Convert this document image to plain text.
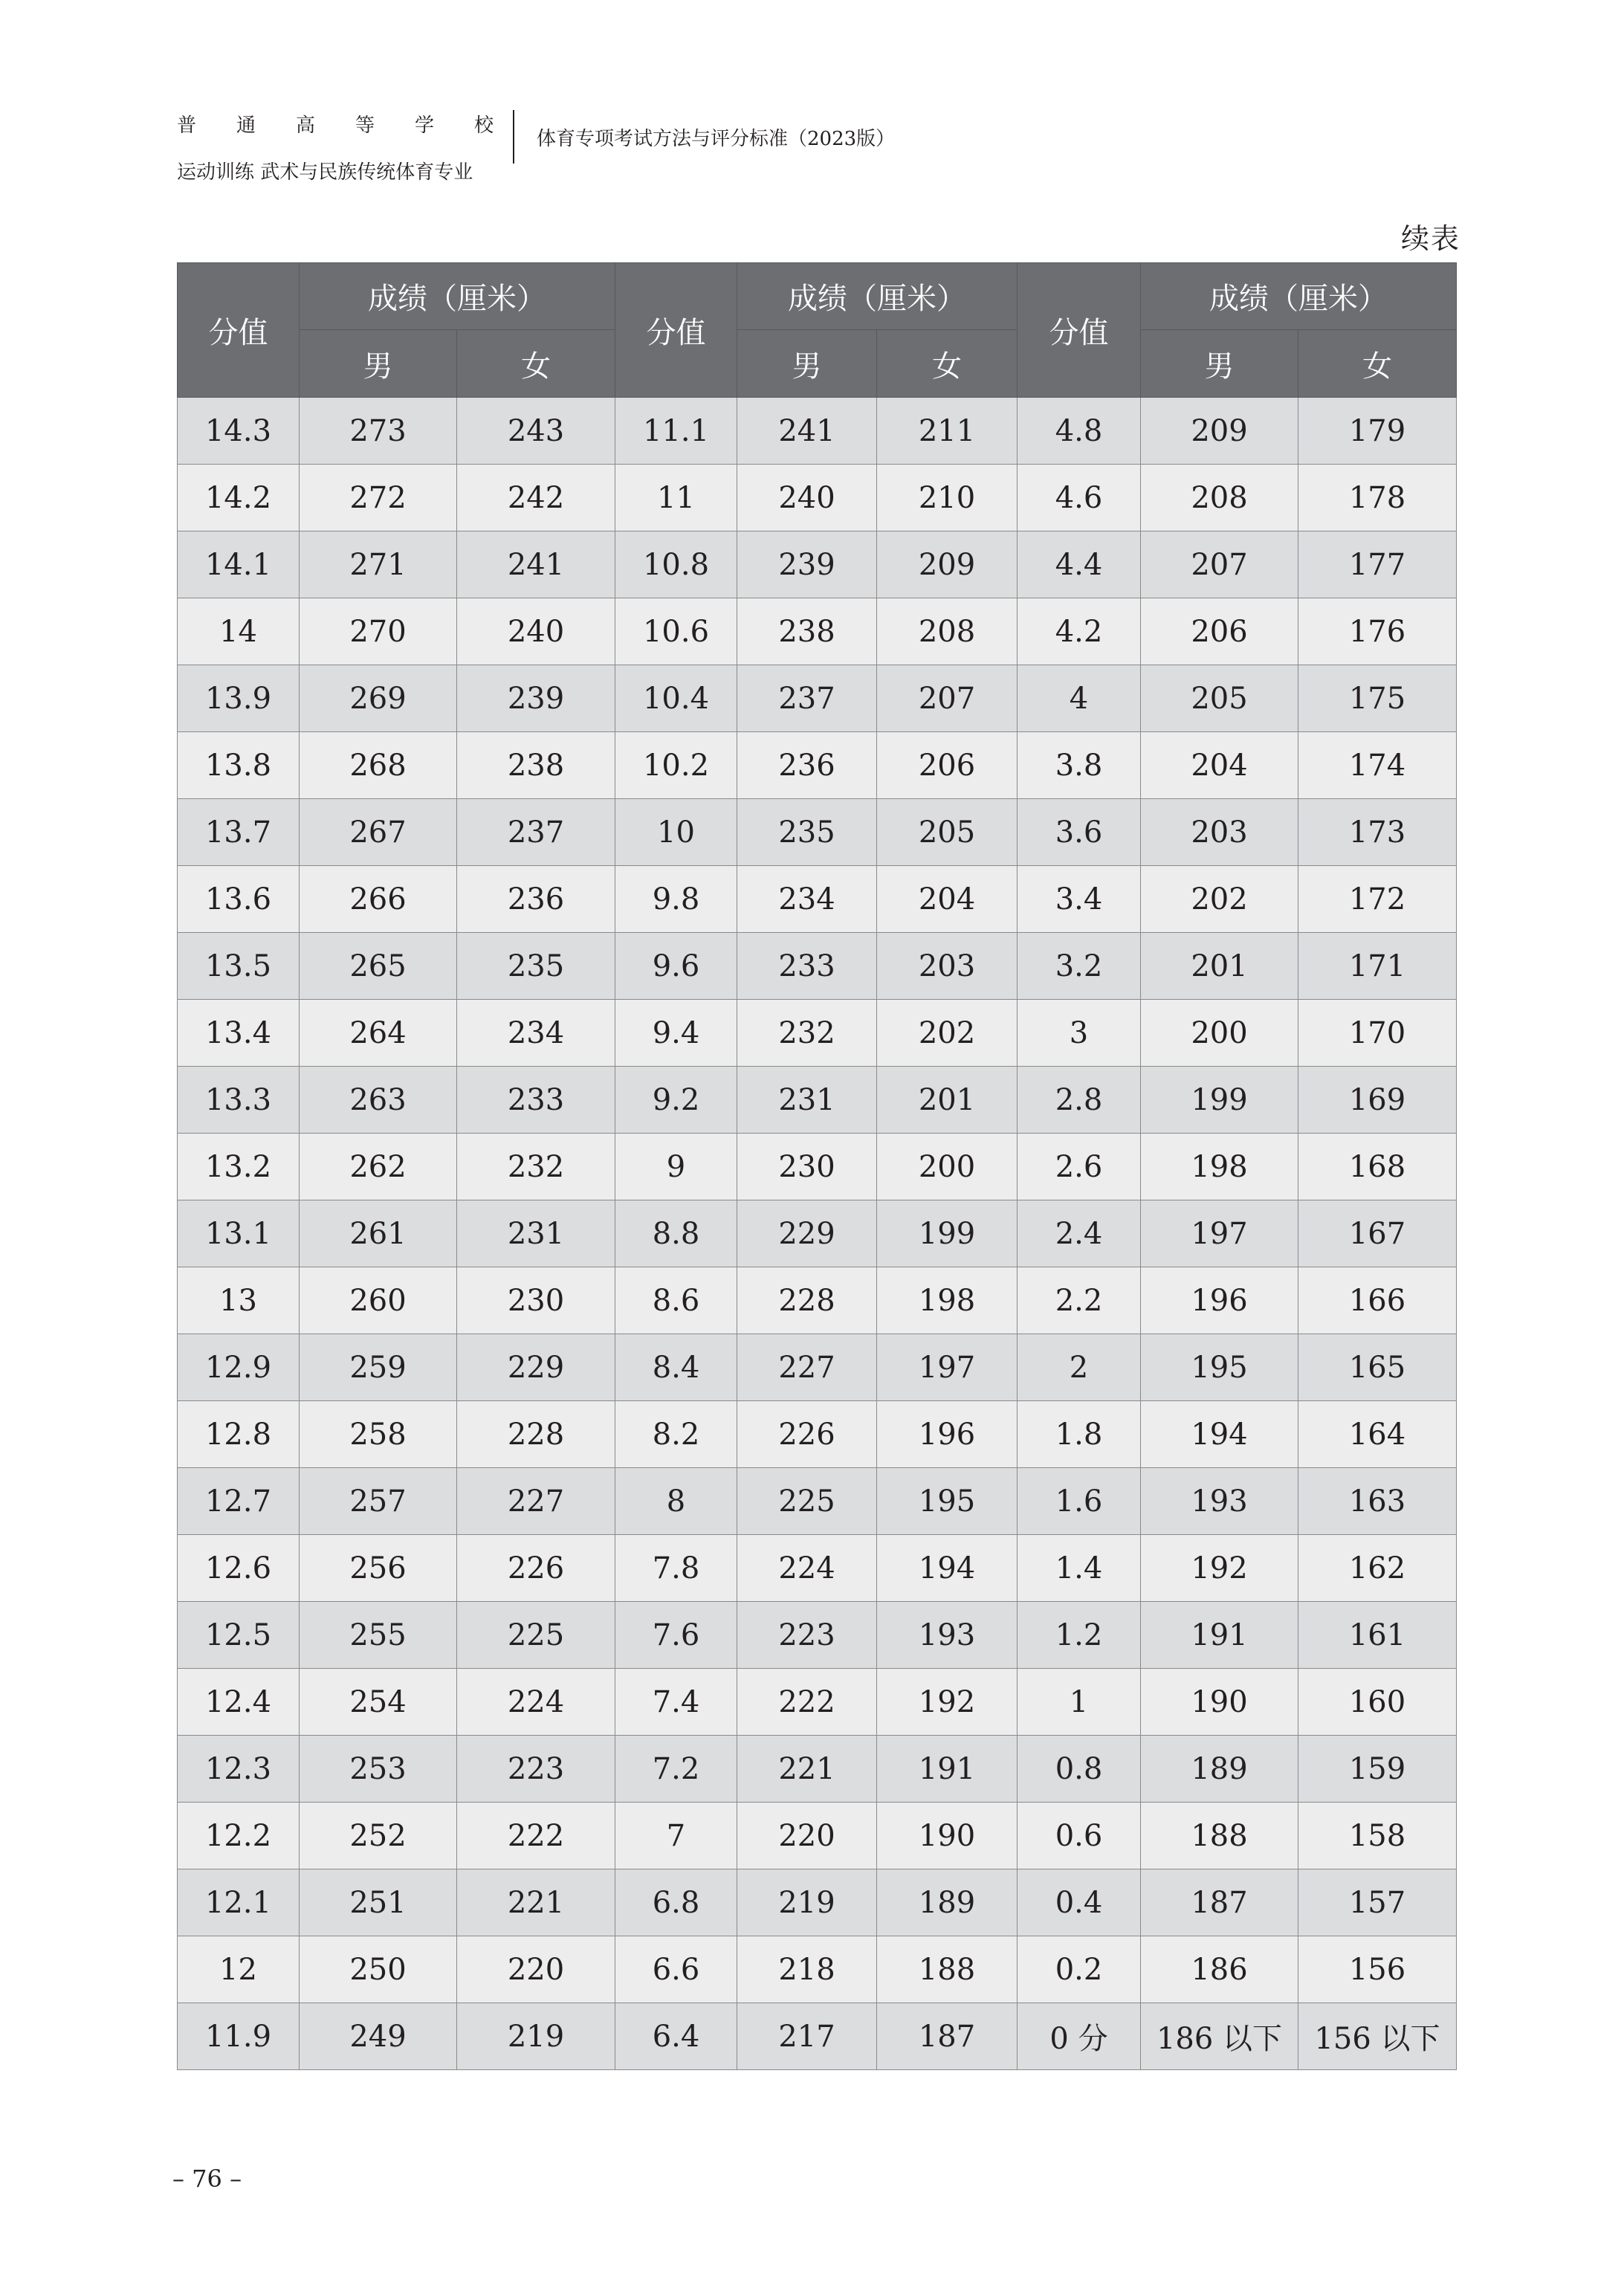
普 通 高 等 学 校
运动训练 武术与民族传统体育专业
体育专项考试方法与评分标准（2023版）
续表
分值	成绩（厘米）		分值	成绩（厘米）		分值	成绩（厘米）	
	男	女		男	女		男	女
14.3	273	243	11.1	241	211	4.8	209	179
14.2	272	242	11	240	210	4.6	208	178
14.1	271	241	10.8	239	209	4.4	207	177
14	270	240	10.6	238	208	4.2	206	176
13.9	269	239	10.4	237	207	4	205	175
13.8	268	238	10.2	236	206	3.8	204	174
13.7	267	237	10	235	205	3.6	203	173
13.6	266	236	9.8	234	204	3.4	202	172
13.5	265	235	9.6	233	203	3.2	201	171
13.4	264	234	9.4	232	202	3	200	170
13.3	263	233	9.2	231	201	2.8	199	169
13.2	262	232	9	230	200	2.6	198	168
13.1	261	231	8.8	229	199	2.4	197	167
13	260	230	8.6	228	198	2.2	196	166
12.9	259	229	8.4	227	197	2	195	165
12.8	258	228	8.2	226	196	1.8	194	164
12.7	257	227	8	225	195	1.6	193	163
12.6	256	226	7.8	224	194	1.4	192	162
12.5	255	225	7.6	223	193	1.2	191	161
12.4	254	224	7.4	222	192	1	190	160
12.3	253	223	7.2	221	191	0.8	189	159
12.2	252	222	7	220	190	0.6	188	158
12.1	251	221	6.8	219	189	0.4	187	157
12	250	220	6.6	218	188	0.2	186	156
11.9	249	219	6.4	217	187	0 分	186 以下	156 以下
– 76 –
